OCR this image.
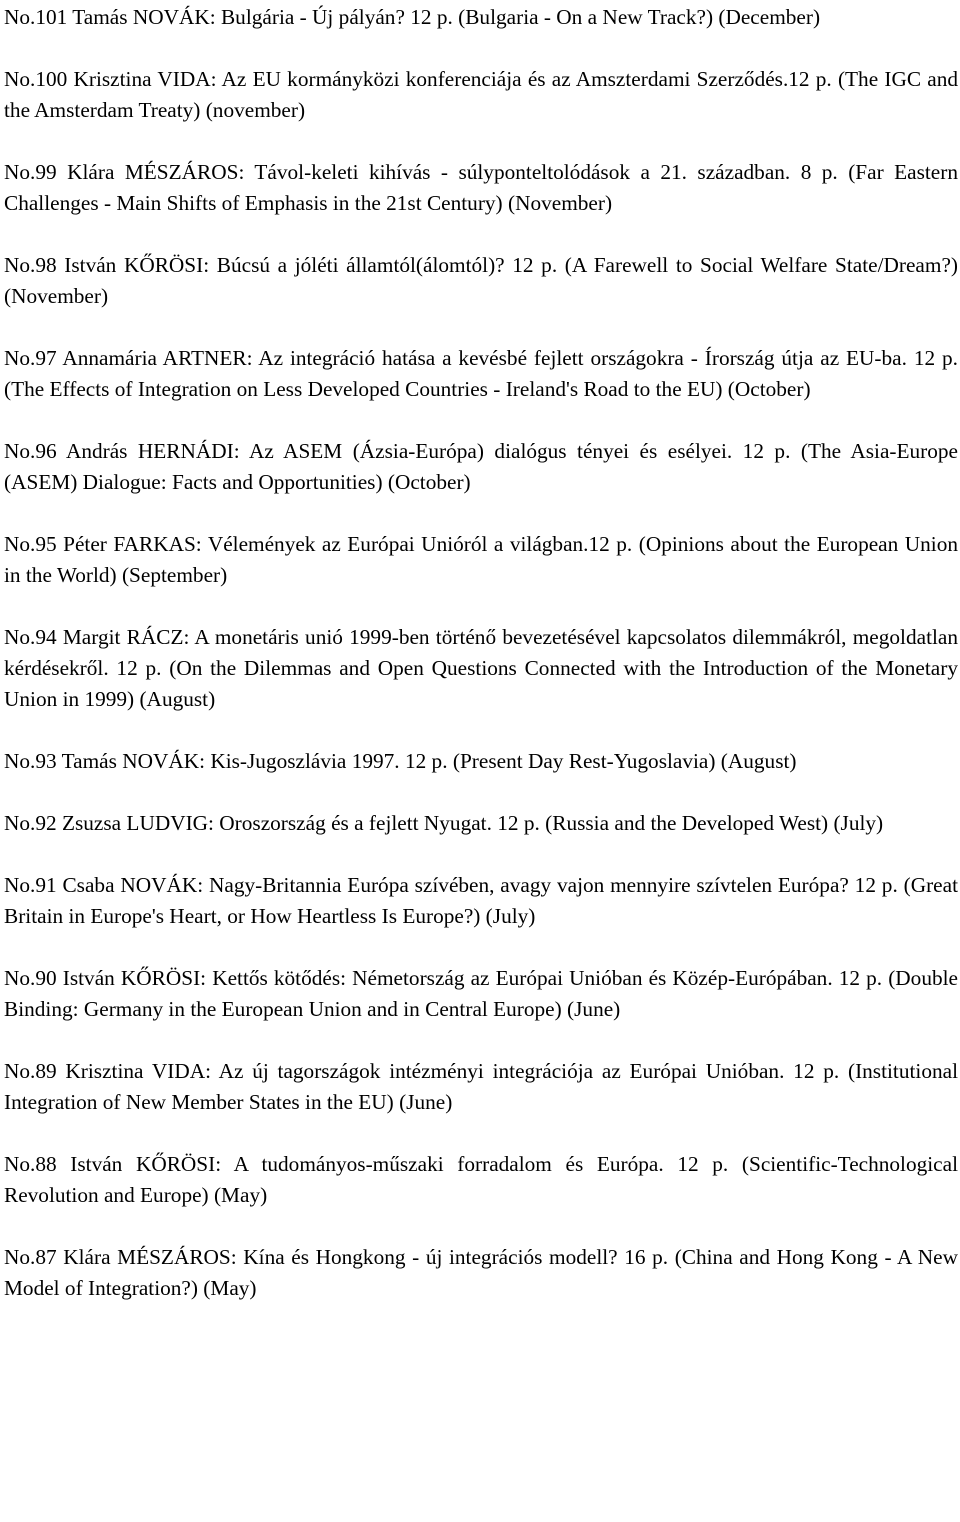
No.101 Tamás NOVÁK: Bulgária - Új pályán? 12 p. (Bulgaria - On a New Track?) (December)

No.100 Krisztina VIDA: Az EU kormányközi konferenciája és az Amszterdami Szerződés.12 p. (The IGC and the Amsterdam Treaty) (november)

No.99 Klára MÉSZÁROS: Távol-keleti kihívás - súlyponteltolódások a 21. században. 8 p. (Far Eastern Challenges - Main Shifts of Emphasis in the 21st Century) (November)

No.98 István KŐRÖSI: Búcsú a jóléti államtól(álomtól)? 12 p. (A Farewell to Social Welfare State/Dream?) (November)

No.97 Annamária ARTNER: Az integráció hatása a kevésbé fejlett országokra - Írország útja az EU-ba. 12 p. (The Effects of Integration on Less Developed Countries - Ireland's Road to the EU) (October)

No.96 András HERNÁDI: Az ASEM (Ázsia-Európa) dialógus tényei és esélyei. 12 p. (The Asia-Europe (ASEM) Dialogue: Facts and Opportunities) (October)

No.95 Péter FARKAS: Vélemények az Európai Unióról a világban.12 p. (Opinions about the European Union in the World) (September)

No.94 Margit RÁCZ: A monetáris unió 1999-ben történő bevezetésével kapcsolatos dilemmákról, megoldatlan kérdésekről. 12 p. (On the Dilemmas and Open Questions Connected with the Introduction of the Monetary Union in 1999) (August)

No.93 Tamás NOVÁK: Kis-Jugoszlávia 1997. 12 p. (Present Day Rest-Yugoslavia) (August)

No.92 Zsuzsa LUDVIG: Oroszország és a fejlett Nyugat. 12 p. (Russia and the Developed West) (July)

No.91 Csaba NOVÁK: Nagy-Britannia Európa szívében, avagy vajon mennyire szívtelen Európa? 12 p. (Great Britain in Europe's Heart, or How Heartless Is Europe?) (July)

No.90 István KŐRÖSI: Kettős kötődés: Németország az Európai Unióban és Közép-Európában. 12 p. (Double Binding: Germany in the European Union and in Central Europe) (June)

No.89 Krisztina VIDA: Az új tagországok intézményi integrációja az Európai Unióban. 12 p. (Institutional Integration of New Member States in the EU) (June)

No.88 István KŐRÖSI: A tudományos-műszaki forradalom és Európa. 12 p. (Scientific-Technological Revolution and Europe) (May)

No.87 Klára MÉSZÁROS: Kína és Hongkong - új integrációs modell? 16 p. (China and Hong Kong - A New Model of Integration?) (May)
